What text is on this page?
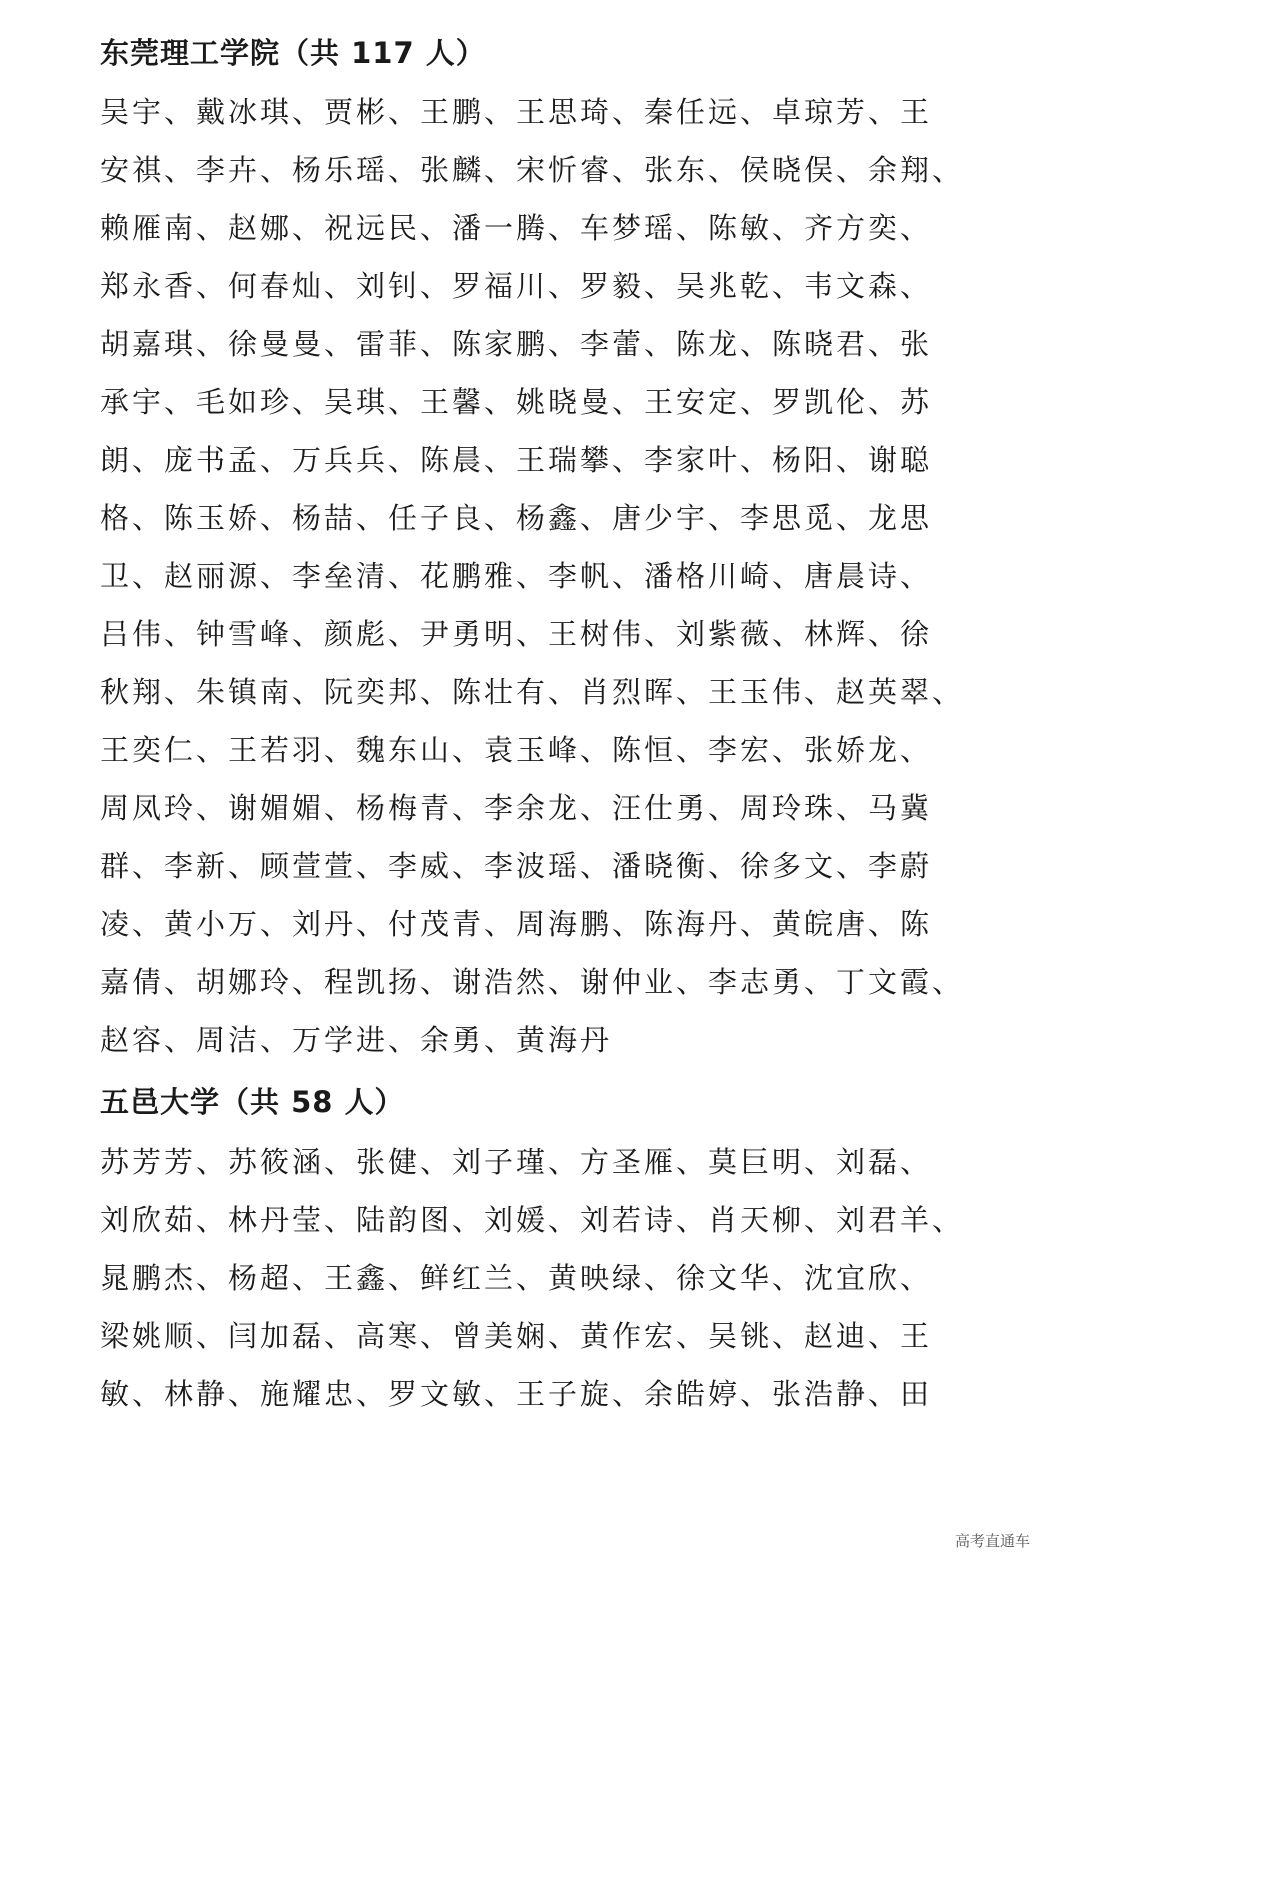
东莞理工学院（共 117 人）
吴宇、戴冰琪、贾彬、王鹏、王思琦、秦任远、卓琼芳、王
安祺、李卉、杨乐瑶、张麟、宋忻睿、张东、侯晓俣、余翔、
赖雁南、赵娜、祝远民、潘一腾、车梦瑶、陈敏、齐方奕、
郑永香、何春灿、刘钊、罗福川、罗毅、吴兆乾、韦文森、
胡嘉琪、徐曼曼、雷菲、陈家鹏、李蕾、陈龙、陈晓君、张
承宇、毛如珍、吴琪、王馨、姚晓曼、王安定、罗凯伦、苏
朗、庞书孟、万兵兵、陈晨、王瑞攀、李家叶、杨阳、谢聪
格、陈玉娇、杨喆、任子良、杨鑫、唐少宇、李思觅、龙思
卫、赵丽源、李垒清、花鹏雅、李帆、潘格川崎、唐晨诗、
吕伟、钟雪峰、颜彪、尹勇明、王树伟、刘紫薇、林辉、徐
秋翔、朱镇南、阮奕邦、陈壮有、肖烈晖、王玉伟、赵英翠、
王奕仁、王若羽、魏东山、袁玉峰、陈恒、李宏、张娇龙、
周凤玲、谢媚媚、杨梅青、李余龙、汪仕勇、周玲珠、马冀
群、李新、顾萱萱、李威、李波瑶、潘晓衡、徐多文、李蔚
凌、黄小万、刘丹、付茂青、周海鹏、陈海丹、黄皖唐、陈
嘉倩、胡娜玲、程凯扬、谢浩然、谢仲业、李志勇、丁文霞、
赵容、周洁、万学进、余勇、黄海丹
五邑大学（共 58 人）
苏芳芳、苏筱涵、张健、刘子瑾、方圣雁、莫巨明、刘磊、
刘欣茹、林丹莹、陆韵图、刘媛、刘若诗、肖天柳、刘君羊、
晁鹏杰、杨超、王鑫、鲜红兰、黄映绿、徐文华、沈宜欣、
梁姚顺、闫加磊、高寒、曾美娴、黄作宏、吴铫、赵迪、王
敏、林静、施耀忠、罗文敏、王子旋、余皓婷、张浩静、田
高考直通车
